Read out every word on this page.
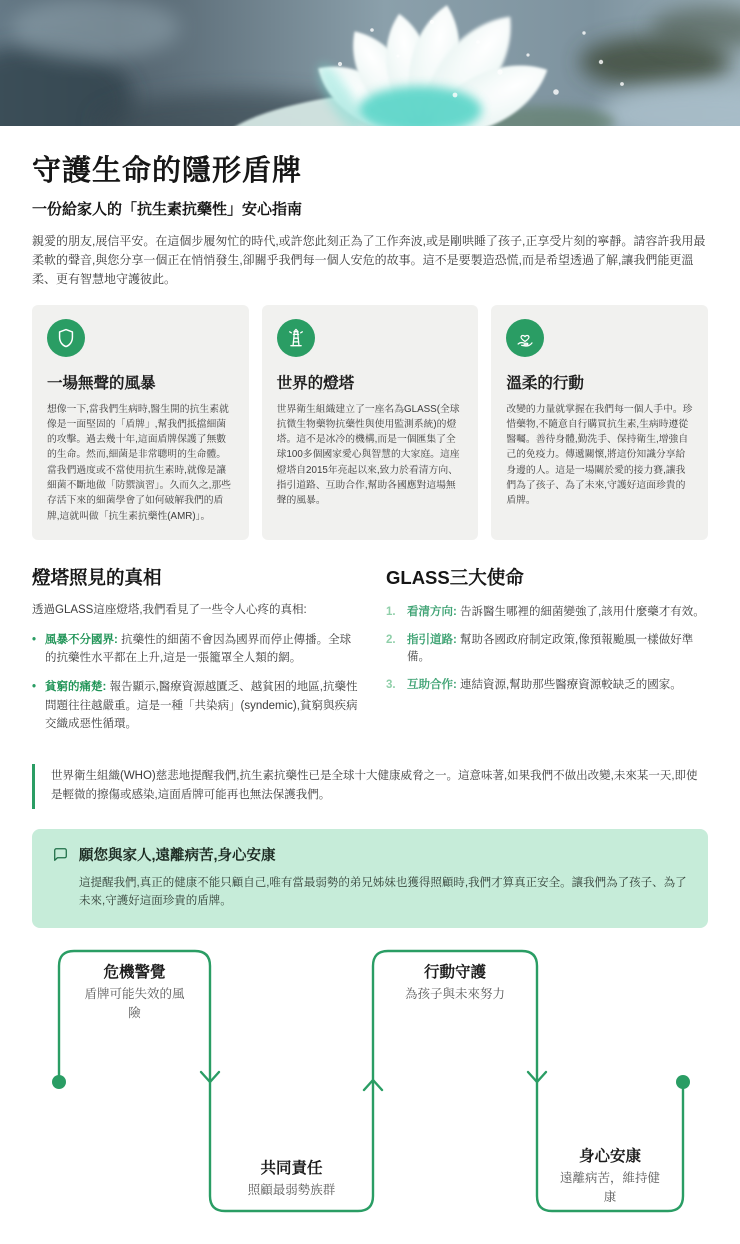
守護生命的隱形盾牌
一份給家人的「抗生素抗藥性」安心指南

親愛的朋友,展信平安。在這個步履匆忙的時代,或許您此刻正為了工作奔波,或是剛哄睡了孩子,正享受片刻的寧靜。請容許我用最柔軟的聲音,與您分享一個正在悄悄發生,卻關乎我們每一個人安危的故事。這不是要製造恐慌,而是希望透過了解,讓我們能更溫柔、更有智慧地守護彼此。

一場無聲的風暴

想像一下,當我們生病時,醫生開的抗生素就像是一面堅固的「盾牌」,幫我們抵擋細菌的攻擊。過去幾十年,這面盾牌保護了無數的生命。然而,細菌是非常聰明的生命體。當我們過度或不當使用抗生素時,就像是讓細菌不斷地做「防禦演習」。久而久之,那些存活下來的細菌學會了如何破解我們的盾牌,這就叫做「抗生素抗藥性(AMR)」。

世界的燈塔

世界衛生組織建立了一座名為GLASS(全球抗微生物藥物抗藥性與使用監測系統)的燈塔。這不是冰冷的機構,而是一個匯集了全球100多個國家愛心與智慧的大家庭。這座燈塔自2015年亮起以來,致力於看清方向、指引道路、互助合作,幫助各國應對這場無聲的風暴。

溫柔的行動

改變的力量就掌握在我們每一個人手中。珍惜藥物,不隨意自行購買抗生素,生病時遵從醫囑。善待身體,勤洗手、保持衛生,增強自己的免疫力。傳遞關懷,將這份知識分享給身邊的人。這是一場關於愛的接力賽,讓我們為了孩子、為了未來,守護好這面珍貴的盾牌。

燈塔照見的真相

透過GLASS這座燈塔,我們看見了一些令人心疼的真相:

•
風暴不分國界: 抗藥性的細菌不會因為國界而停止傳播。全球的抗藥性水平都在上升,這是一張籠罩全人類的網。
•
貧窮的痛楚: 報告顯示,醫療資源越匱乏、越貧困的地區,抗藥性問題往往越嚴重。這是一種「共染病」(syndemic),貧窮與疾病交織成惡性循環。
GLASS三大使命
1. 看清方向: 告訴醫生哪裡的細菌變強了,該用什麼藥才有效。
2. 指引道路: 幫助各國政府制定政策,像預報颱風一樣做好準備。
3. 互助合作: 連結資源,幫助那些醫療資源較缺乏的國家。

世界衛生組織(WHO)慈悲地提醒我們,抗生素抗藥性已是全球十大健康威脅之一。這意味著,如果我們不做出改變,未來某一天,即使是輕微的擦傷或感染,這面盾牌可能再也無法保護我們。

願您與家人,遠離病苦,身心安康

這提醒我們,真正的健康不能只顧自己,唯有當最弱勢的弟兄姊妹也獲得照顧時,我們才算真正安全。讓我們為了孩子、為了未來,守護好這面珍貴的盾牌。

危機警覺
盾牌可能失效的風險
行動守護
為孩子與未來努力
共同責任
照顧最弱勢族群
身心安康
遠離病苦，維持健康
